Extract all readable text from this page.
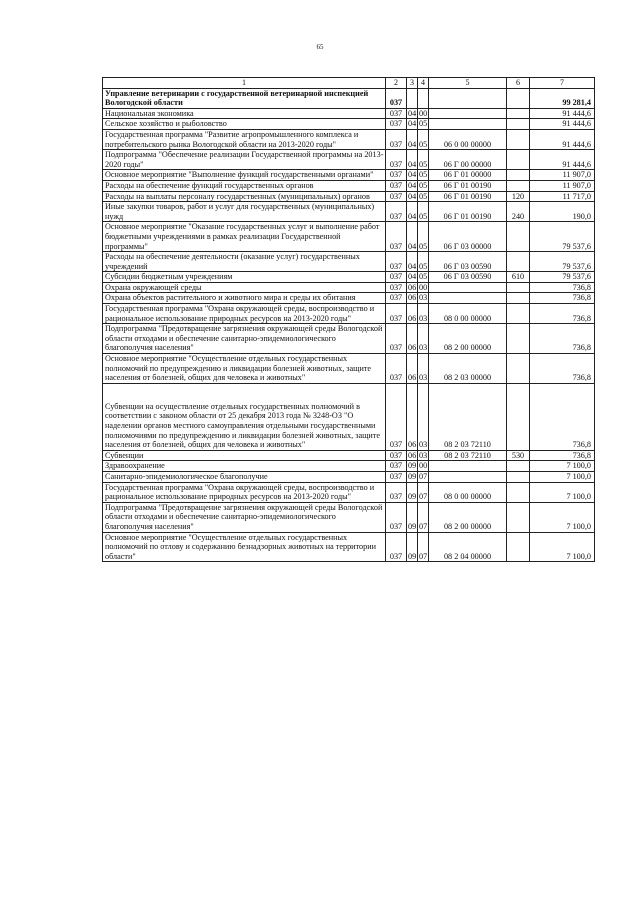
65
1	2	3	4	5	6	7
Управление ветеринарии с государственной ветеринарной инспекцией Вологодской области	037					99 281,4
Национальная экономика	037	04	00			91 444,6
Сельское хозяйство и рыболовство	037	04	05			91 444,6
Государственная программа "Развитие агропромышленного комплекса и потребительского рынка Вологодской области на 2013-2020 годы"	037	04	05	06 0 00 00000		91 444,6
Подпрограмма "Обеспечение реализации Государственной программы на 2013-2020 годы"	037	04	05	06 Г 00 00000		91 444,6
Основное мероприятие "Выполнение функций государственными органами"	037	04	05	06 Г 01 00000		11 907,0
Расходы на обеспечение функций государственных органов	037	04	05	06 Г 01 00190		11 907,0
Расходы на выплаты персоналу государственных (муниципальных) органов	037	04	05	06 Г 01 00190	120	11 717,0
Иные закупки товаров, работ и услуг для государственных (муниципальных) нужд	037	04	05	06 Г 01 00190	240	190,0
Основное мероприятие "Оказание государственных услуг и выполнение работ бюджетными учреждениями в рамках реализации Государственной программы"	037	04	05	06 Г 03 00000		79 537,6
Расходы на обеспечение деятельности (оказание услуг) государственных учреждений	037	04	05	06 Г 03 00590		79 537,6
Субсидии бюджетным учреждениям	037	04	05	06 Г 03 00590	610	79 537,6
Охрана окружающей среды	037	06	00			736,8
Охрана объектов растительного и животного мира и среды их обитания	037	06	03			736,8
Государственная программа "Охрана окружающей среды, воспроизводство и рациональное использование природных ресурсов на 2013-2020 годы"	037	06	03	08 0 00 00000		736,8
Подпрограмма "Предотвращение загрязнения окружающей среды Вологодской области отходами и обеспечение санитарно-эпидемиологического благополучия населения"	037	06	03	08 2 00 00000		736,8
Основное мероприятие "Осуществление отдельных государственных полномочий по предупреждению и ликвидации болезней животных, защите населения от болезней, общих для человека и животных"	037	06	03	08 2 03 00000		736,8
Субвенции на осуществление отдельных государственных полномочий в соответствии с законом области от 25 декабря 2013 года № 3248-ОЗ "О наделении органов местного самоуправления отдельными государственными полномочиями по предупреждению и ликвидации болезней животных, защите населения от болезней, общих для человека и животных"	037	06	03	08 2 03 72110		736,8
Субвенции	037	06	03	08 2 03 72110	530	736,8
Здравоохранение	037	09	00			7 100,0
Санитарно-эпидемиологическое благополучие	037	09	07			7 100,0
Государственная программа "Охрана окружающей среды, воспроизводство и рациональное использование природных ресурсов на 2013-2020 годы"	037	09	07	08 0 00 00000		7 100,0
Подпрограмма "Предотвращение загрязнения окружающей среды Вологодской области отходами и обеспечение санитарно-эпидемиологического благополучия населения"	037	09	07	08 2 00 00000		7 100,0
Основное мероприятие "Осуществление отдельных государственных полномочий по отлову и содержанию безнадзорных животных на территории области"	037	09	07	08 2 04 00000		7 100,0
